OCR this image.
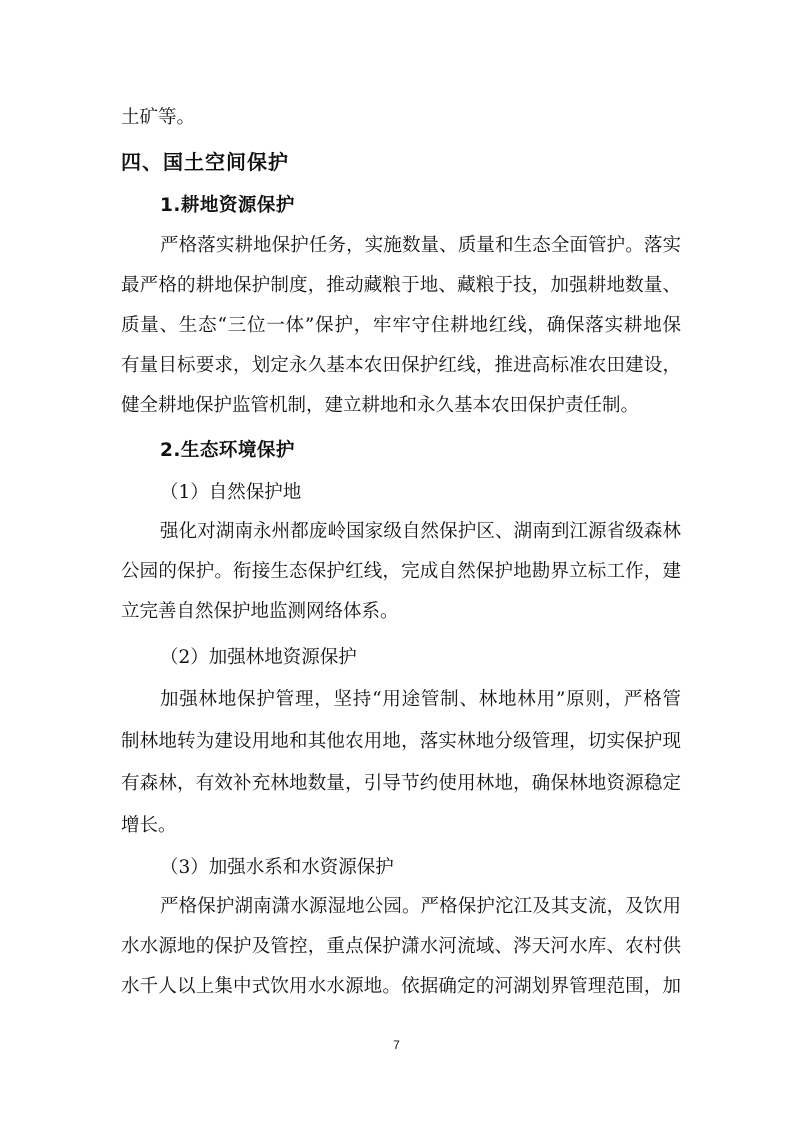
土矿等。
四、国土空间保护
1.耕地资源保护
严格落实耕地保护任务，实施数量、质量和生态全面管护。落实
最严格的耕地保护制度，推动藏粮于地、藏粮于技，加强耕地数量、
质量、生态“三位一体”保护，牢牢守住耕地红线，确保落实耕地保
有量目标要求，划定永久基本农田保护红线，推进高标准农田建设，
健全耕地保护监管机制，建立耕地和永久基本农田保护责任制。
2.生态环境保护
（1）自然保护地
强化对湖南永州都庞岭国家级自然保护区、湖南到江源省级森林
公园的保护。衔接生态保护红线，完成自然保护地勘界立标工作，建
立完善自然保护地监测网络体系。
（2）加强林地资源保护
加强林地保护管理，坚持“用途管制、林地林用”原则，严格管
制林地转为建设用地和其他农用地，落实林地分级管理，切实保护现
有森林，有效补充林地数量，引导节约使用林地，确保林地资源稳定
增长。
（3）加强水系和水资源保护
严格保护湖南潇水源湿地公园。严格保护沱江及其支流，及饮用
水水源地的保护及管控，重点保护潇水河流域、涔天河水库、农村供
水千人以上集中式饮用水水源地。依据确定的河湖划界管理范围，加
7
